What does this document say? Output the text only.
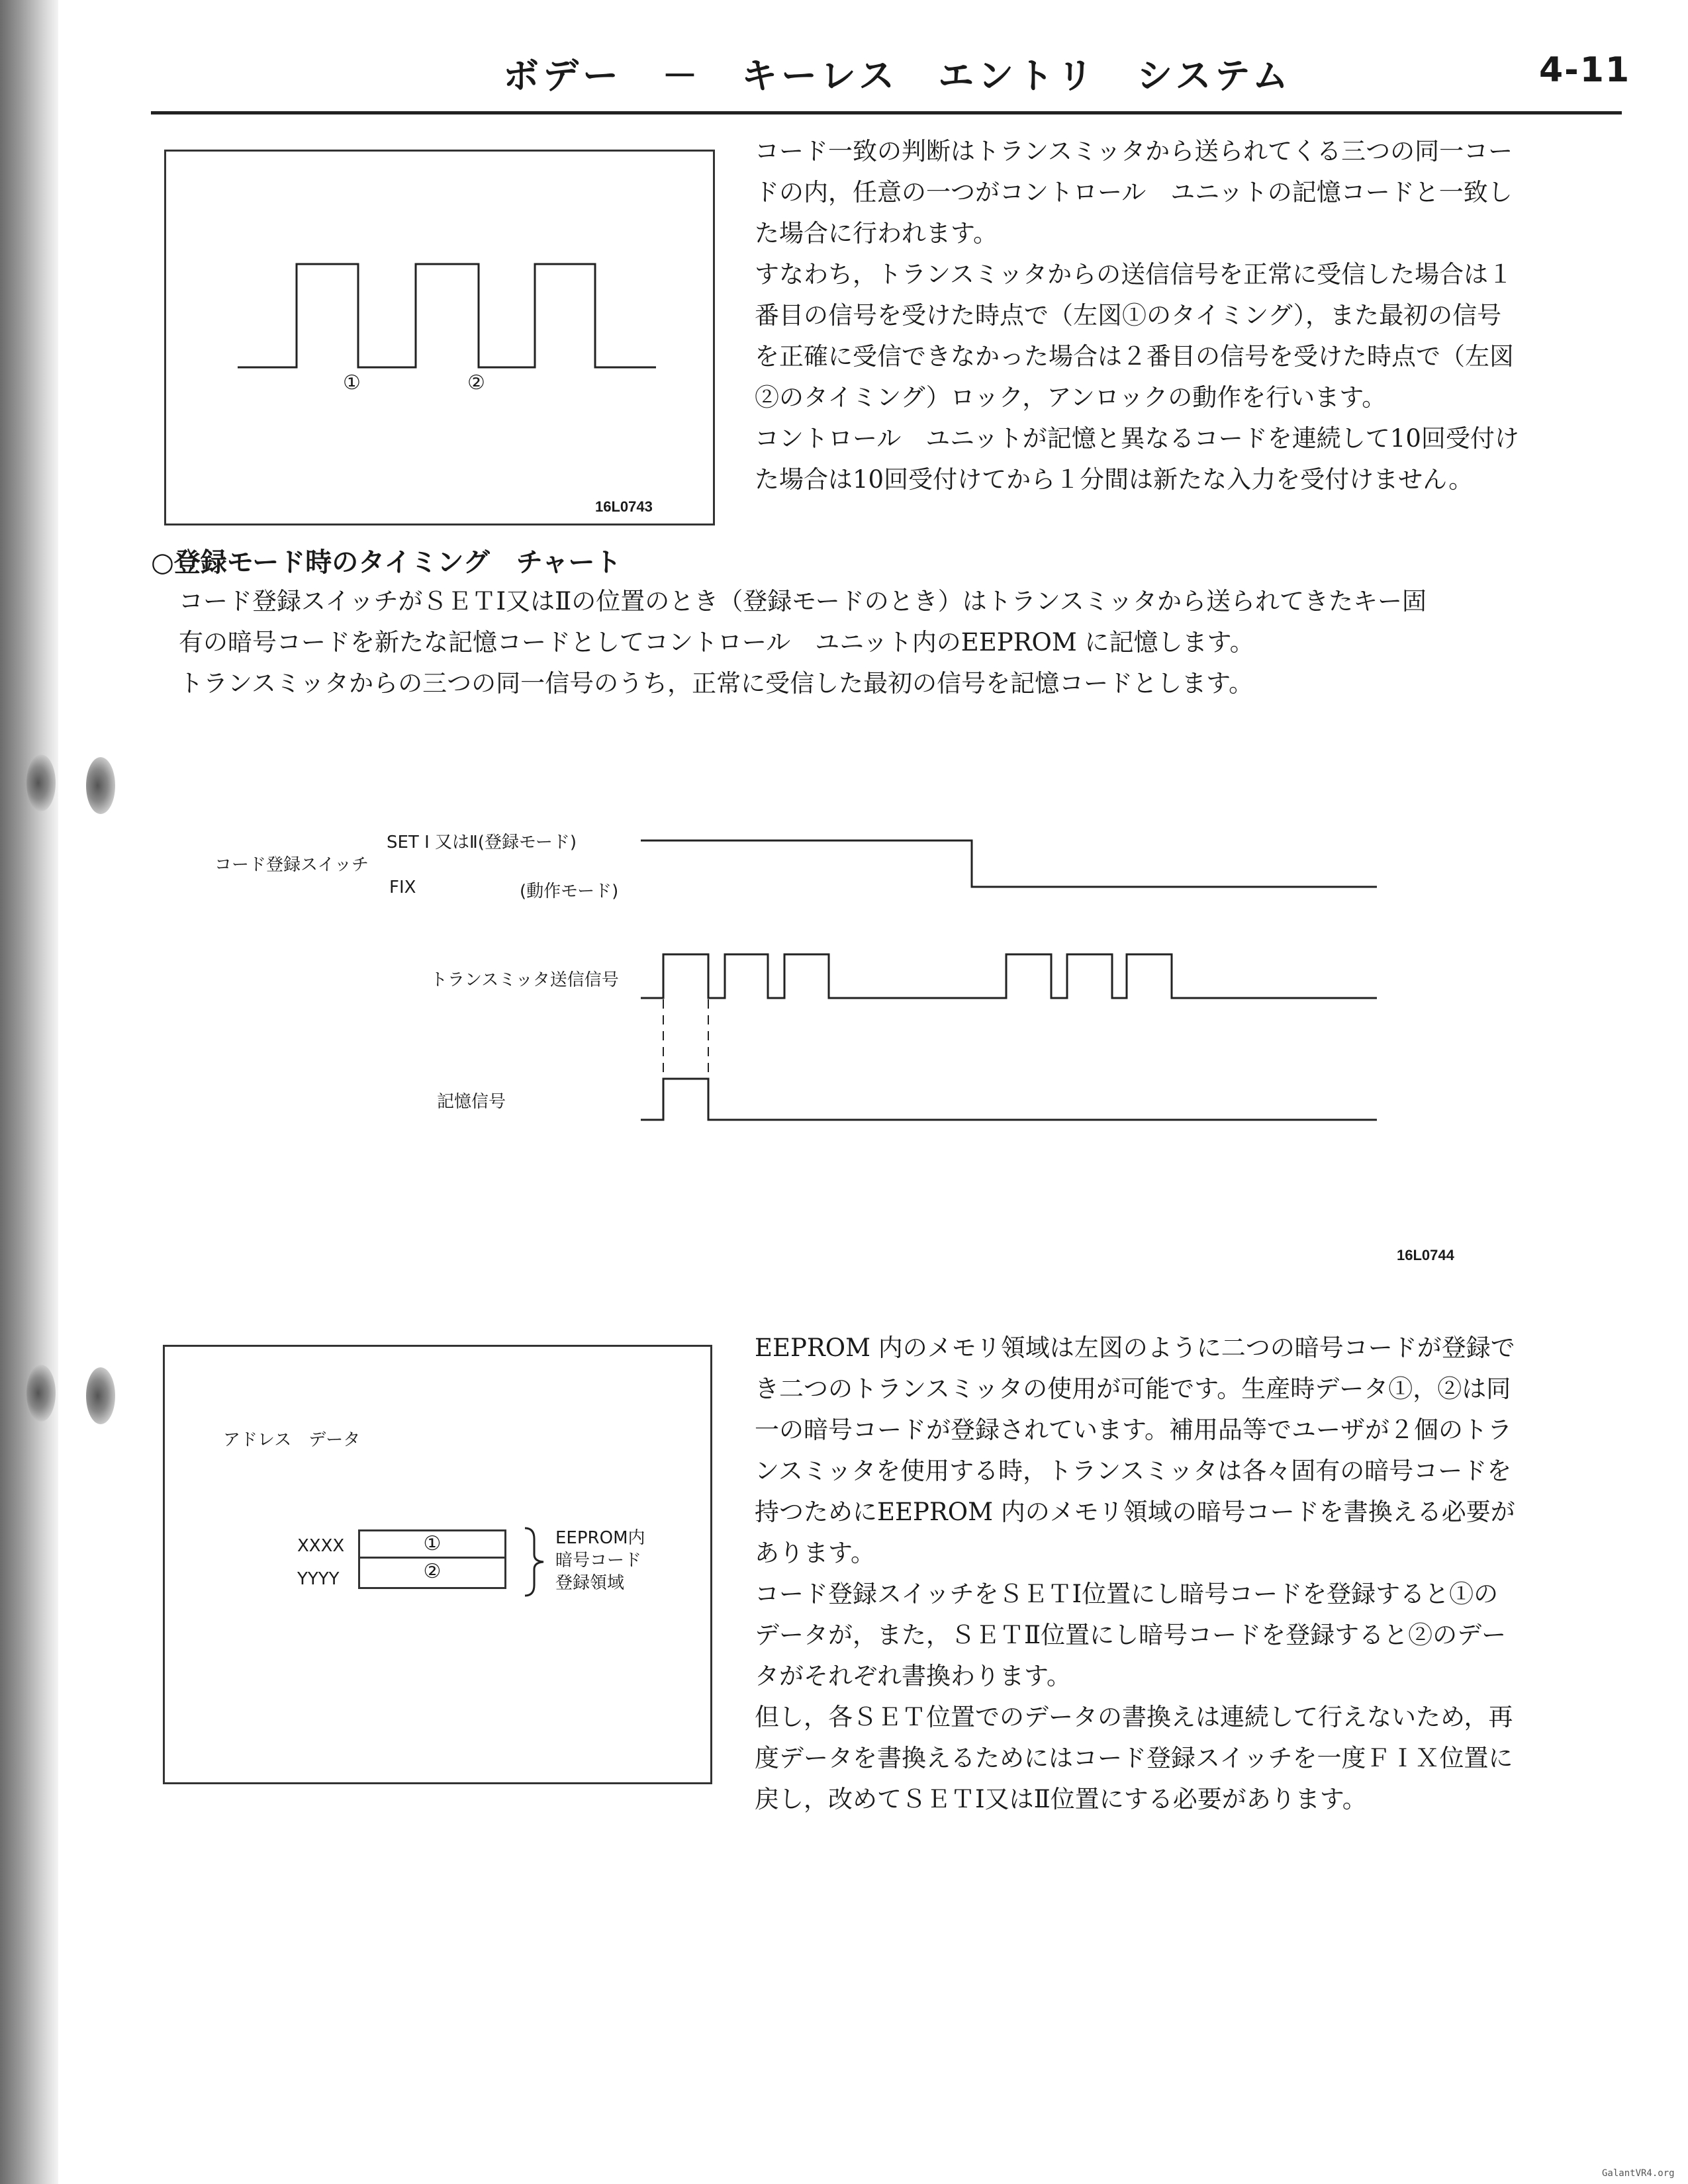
ボデー　－　キーレス　エントリ　システム	4-11
①	②
16L0743

コード一致の判断はトランスミッタから送られてくる三つの同一コー

ドの内，任意の一つがコントロール　ユニットの記憶コードと一致し

た場合に行われます。

すなわち，トランスミッタからの送信信号を正常に受信した場合は１

番目の信号を受けた時点で（左図①のタイミング），また最初の信号

を正確に受信できなかった場合は２番目の信号を受けた時点で（左図

②のタイミング）ロック，アンロックの動作を行います。

コントロール　ユニットが記憶と異なるコードを連続して10回受付け

た場合は10回受付けてから１分間は新たな入力を受付けません。

○登録モード時のタイミング　チャート

コード登録スイッチがＳＥＴⅠ又はⅡの位置のとき（登録モードのとき）はトランスミッタから送られてきたキー固

有の暗号コードを新たな記憶コードとしてコントロール　ユニット内のEEPROM に記憶します。

トランスミッタからの三つの同一信号のうち，正常に受信した最初の信号を記憶コードとします。

コード登録スイッチ
SET Ⅰ 又はⅡ(登録モード)
FIX	(動作モード)
トランスミッタ送信信号
記憶信号
16L0744
アドレス　データ
XXXX
YYYY
①
②
EEPROM内
暗号コード
登録領域

EEPROM 内のメモリ領域は左図のように二つの暗号コードが登録で

き二つのトランスミッタの使用が可能です。生産時データ①，②は同

一の暗号コードが登録されています。補用品等でユーザが２個のトラ

ンスミッタを使用する時，トランスミッタは各々固有の暗号コードを

持つためにEEPROM 内のメモリ領域の暗号コードを書換える必要が

あります。

コード登録スイッチをＳＥＴⅠ位置にし暗号コードを登録すると①の

データが，また，ＳＥＴⅡ位置にし暗号コードを登録すると②のデー

タがそれぞれ書換わります。

但し，各ＳＥＴ位置でのデータの書換えは連続して行えないため，再

度データを書換えるためにはコード登録スイッチを一度ＦＩＸ位置に

戻し，改めてＳＥＴⅠ又はⅡ位置にする必要があります。

GalantVR4.org
